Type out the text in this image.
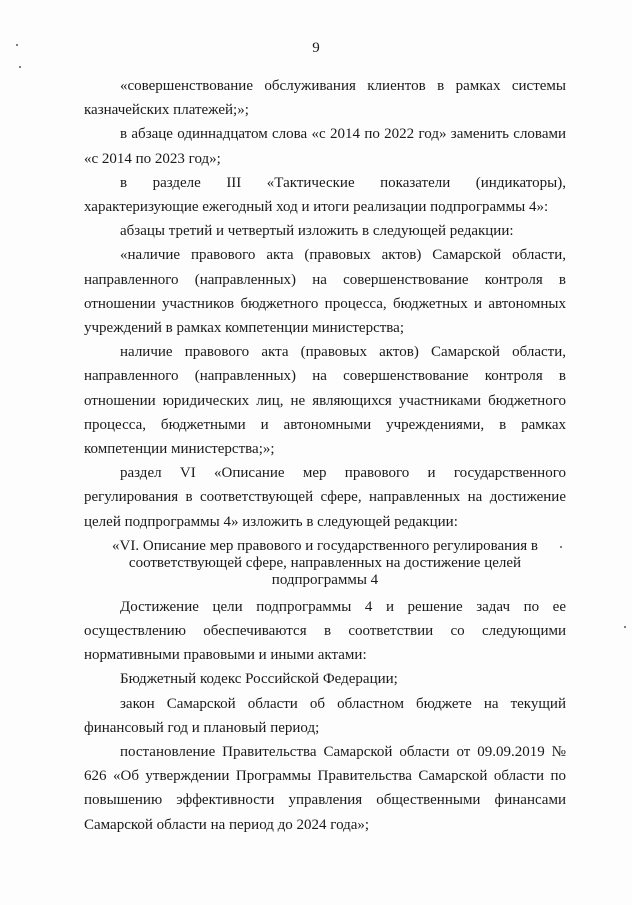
9

«совершенствование обслуживания клиентов в рамках системы казначейских платежей;»;

в абзаце одиннадцатом слова «с 2014 по 2022 год» заменить словами «с 2014 по 2023 год»;

в разделе III «Тактические показатели (индикаторы), характеризующие ежегодный ход и итоги реализации подпрограммы 4»:

абзацы третий и четвертый изложить в следующей редакции:

«наличие правового акта (правовых актов) Самарской области, направленного (направленных) на совершенствование контроля в отношении участников бюджетного процесса, бюджетных и автономных учреждений в рамках компетенции министерства;

наличие правового акта (правовых актов) Самарской области, направленного (направленных) на совершенствование контроля в отношении юридических лиц, не являющихся участниками бюджетного процесса, бюджетными и автономными учреждениями, в рамках компетенции министерства;»;

раздел VI «Описание мер правового и государственного регулирования в соответствующей сфере, направленных на достижение целей подпрограммы 4» изложить в следующей редакции:

«VI. Описание мер правового и государственного регулирования в соответствующей сфере, направленных на достижение целей подпрограммы 4

Достижение цели подпрограммы 4 и решение задач по ее осуществлению обеспечиваются в соответствии со следующими нормативными правовыми и иными актами:

Бюджетный кодекс Российской Федерации;

закон Самарской области об областном бюджете на текущий финансовый год и плановый период;

постановление Правительства Самарской области от 09.09.2019 № 626 «Об утверждении Программы Правительства Самарской области по повышению эффективности управления общественными финансами Самарской области на период до 2024 года»;
